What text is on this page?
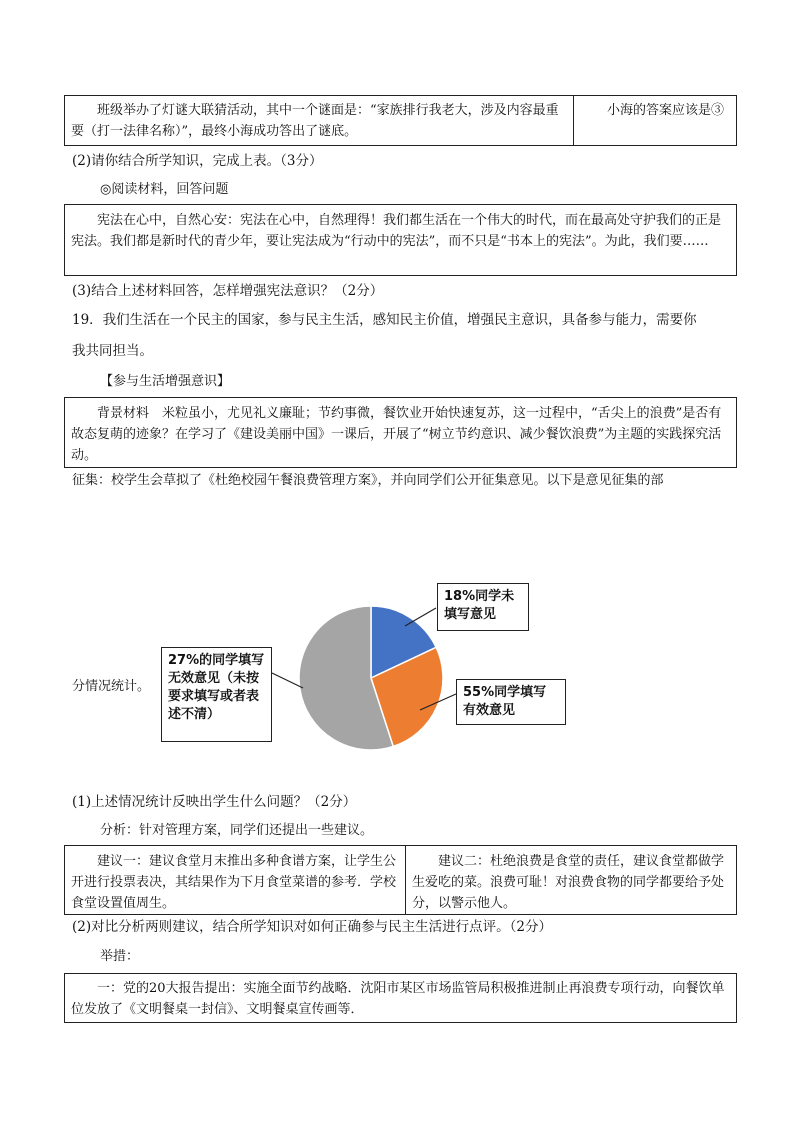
班级举办了灯谜大联猜活动，其中一个谜面是：“家族排行我老大，涉及内容最重要（打一法律名称）”，最终小海成功答出了谜底。
小海的答案应该是③
(2)请你结合所学知识，完成上表。（3分）
◎阅读材料，回答问题
宪法在心中，自然心安：宪法在心中，自然理得！我们都生活在一个伟大的时代，而在最高处守护我们的正是宪法。我们都是新时代的青少年，要让宪法成为“行动中的宪法”，而不只是“书本上的宪法”。为此，我们要……
(3)结合上述材料回答，怎样增强宪法意识？（2分）
19．我们生活在一个民主的国家，参与民主生活，感知民主价值，增强民主意识，具备参与能力，需要你
我共同担当。
【参与生活增强意识】
背景材料　米粒虽小，尤见礼义廉耻；节约事微，餐饮业开始快速复苏，这一过程中，“舌尖上的浪费”是否有故态复萌的迹象？在学习了《建设美丽中国》一课后，开展了“树立节约意识、减少餐饮浪费”为主题的实践探究活动。
征集：校学生会草拟了《杜绝校园午餐浪费管理方案》，并向同学们公开征集意见。以下是意见征集的部
分情况统计。
18%同学未填写意见
55%同学填写有效意见
27%的同学填写无效意见（未按要求填写或者表述不清）
(1)上述情况统计反映出学生什么问题？（2分）
分析：针对管理方案，同学们还提出一些建议。
建议一：建议食堂月末推出多种食谱方案，让学生公开进行投票表决，其结果作为下月食堂菜谱的参考．学校食堂设置值周生。
建议二：杜绝浪费是食堂的责任，建议食堂都做学生爱吃的菜。浪费可耻！对浪费食物的同学都要给予处分，以警示他人。
(2)对比分析两则建议，结合所学知识对如何正确参与民主生活进行点评。（2分）
举措：
一：党的20大报告提出：实施全面节约战略．沈阳市某区市场监管局积极推进制止再浪费专项行动，向餐饮单位发放了《文明餐桌一封信》、文明餐桌宣传画等．
